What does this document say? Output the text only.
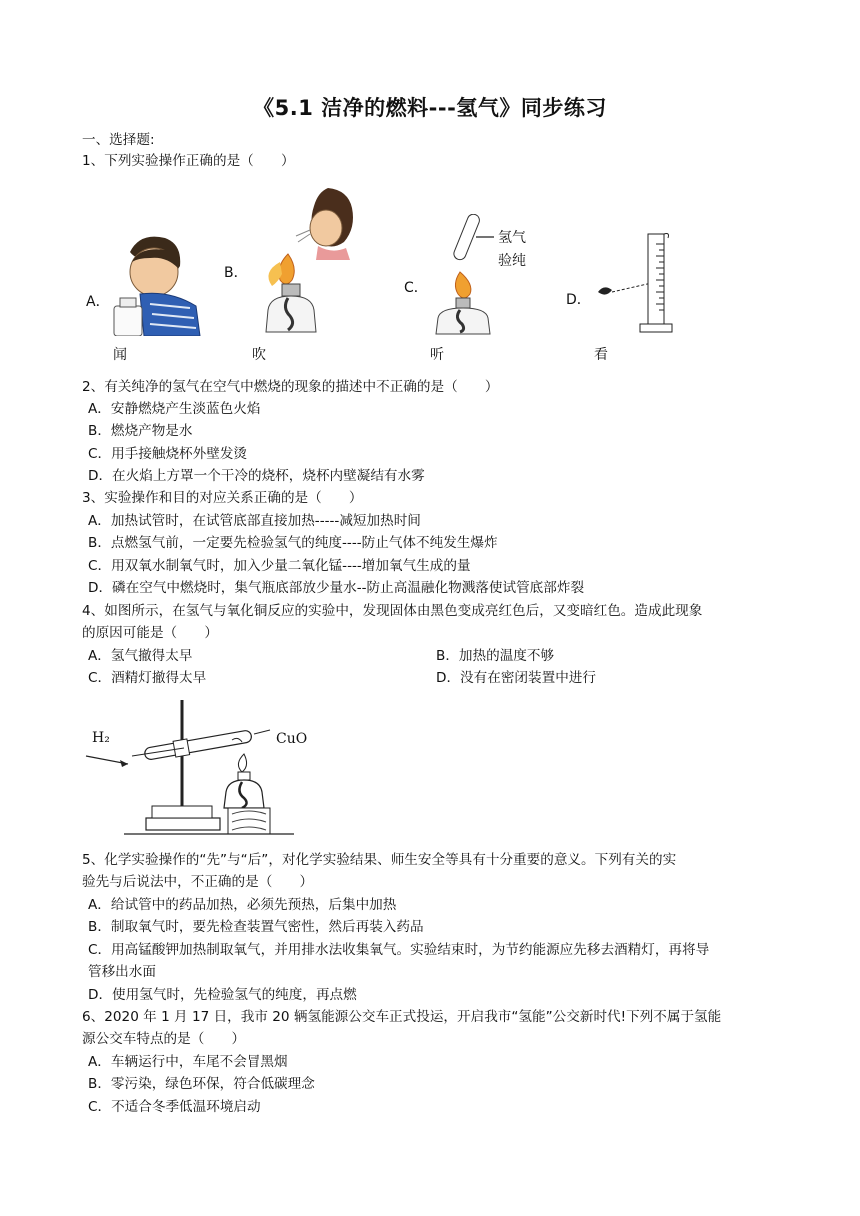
《5.1 洁净的燃料---氢气》同步练习
一、选择题:
1、下列实验操作正确的是（　　）
A．
闻
B．
吹
C．
氢气
验纯
听
D．
看
2、有关纯净的氢气在空气中燃烧的现象的描述中不正确的是（　　）
A．安静燃烧产生淡蓝色火焰
B．燃烧产物是水
C．用手接触烧杯外壁发烫
D．在火焰上方罩一个干冷的烧杯，烧杯内壁凝结有水雾
3、实验操作和目的对应关系正确的是（　　）
A．加热试管时，在试管底部直接加热-----减短加热时间
B．点燃氢气前，一定要先检验氢气的纯度----防止气体不纯发生爆炸
C．用双氧水制氧气时，加入少量二氧化锰----增加氧气生成的量
D．磷在空气中燃烧时，集气瓶底部放少量水--防止高温融化物溅落使试管底部炸裂
4、如图所示，在氢气与氧化铜反应的实验中，发现固体由黑色变成亮红色后，又变暗红色。造成此现象
的原因可能是（　　）
A．氢气撤得太早	B．加热的温度不够
C．酒精灯撤得太早	D．没有在密闭装置中进行
H₂	CuO
5、化学实验操作的“先”与“后”，对化学实验结果、师生安全等具有十分重要的意义。下列有关的实
验先与后说法中，不正确的是（　　）
A．给试管中的药品加热，必须先预热，后集中加热
B．制取氧气时，要先检查装置气密性，然后再装入药品
C．用高锰酸钾加热制取氧气，并用排水法收集氧气。实验结束时，为节约能源应先移去酒精灯，再将导
管移出水面
D．使用氢气时，先检验氢气的纯度，再点燃
6、2020 年 1 月 17 日，我市 20 辆氢能源公交车正式投运，开启我市“氢能”公交新时代!下列不属于氢能
源公交车特点的是（　　）
A．车辆运行中，车尾不会冒黑烟
B．零污染，绿色环保，符合低碳理念
C．不适合冬季低温环境启动
